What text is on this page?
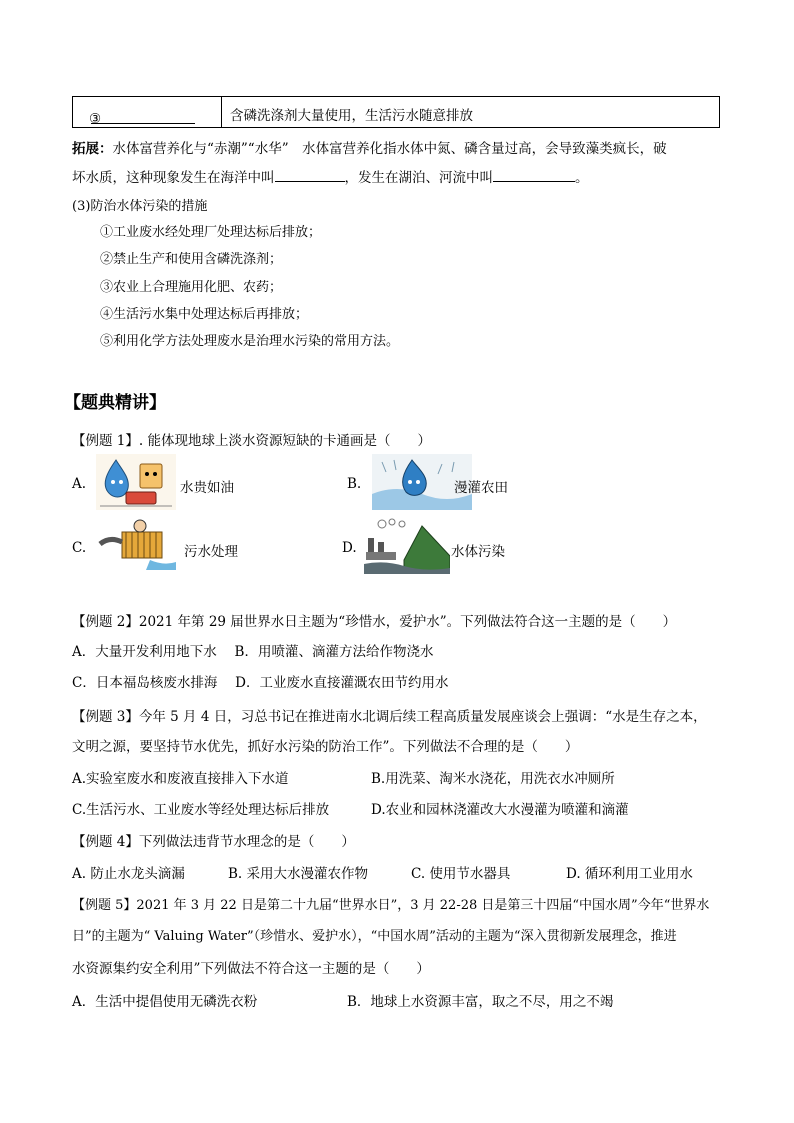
③	含磷洗涤剂大量使用，生活污水随意排放
拓展：水体富营养化与“赤潮”“水华”　水体富营养化指水体中氮、磷含量过高，会导致藻类疯长，破
坏水质，这种现象发生在海洋中叫	，发生在湖泊、河流中叫	。
(3)防治水体污染的措施
①工业废水经处理厂处理达标后排放；
②禁止生产和使用含磷洗涤剂；
③农业上合理施用化肥、农药；
④生活污水集中处理达标后再排放；
⑤利用化学方法处理废水是治理水污染的常用方法。
【题典精讲】
【例题 1】. 能体现地球上淡水资源短缺的卡通画是（　　）
A.	水贵如油	B.	漫灌农田
C.	污水处理	D.	水体污染
【例题 2】2021 年第 29 届世界水日主题为“珍惜水，爱护水”。下列做法符合这一主题的是（　　）
A．大量开发利用地下水　 B．用喷灌、滴灌方法给作物浇水
C．日本福岛核废水排海　 D．工业废水直接灌溉农田节约用水
【例题 3】今年 5 月 4 日，习总书记在推进南水北调后续工程高质量发展座谈会上强调：“水是生存之本，
文明之源，要坚持节水优先，抓好水污染的防治工作”。下列做法不合理的是（　　）
A.实验室废水和废液直接排入下水道	B.用洗菜、淘米水浇花，用洗衣水冲厕所
C.生活污水、工业废水等经处理达标后排放	D.农业和园林浇灌改大水漫灌为喷灌和滴灌
【例题 4】下列做法违背节水理念的是（　　）
A. 防止水龙头滴漏	B. 采用大水漫灌农作物	C. 使用节水器具	D. 循环利用工业用水
【例题 5】2021 年 3 月 22 日是第二十九届“世界水日”，3 月 22-28 日是第三十四届“中国水周”今年“世界水
日”的主题为“ Valuing Water”（珍惜水、爱护水），“中国水周”活动的主题为“深入贯彻新发展理念，推进
水资源集约安全利用”下列做法不符合这一主题的是（　　）
A．生活中提倡使用无磷洗衣粉	B．地球上水资源丰富，取之不尽，用之不竭
